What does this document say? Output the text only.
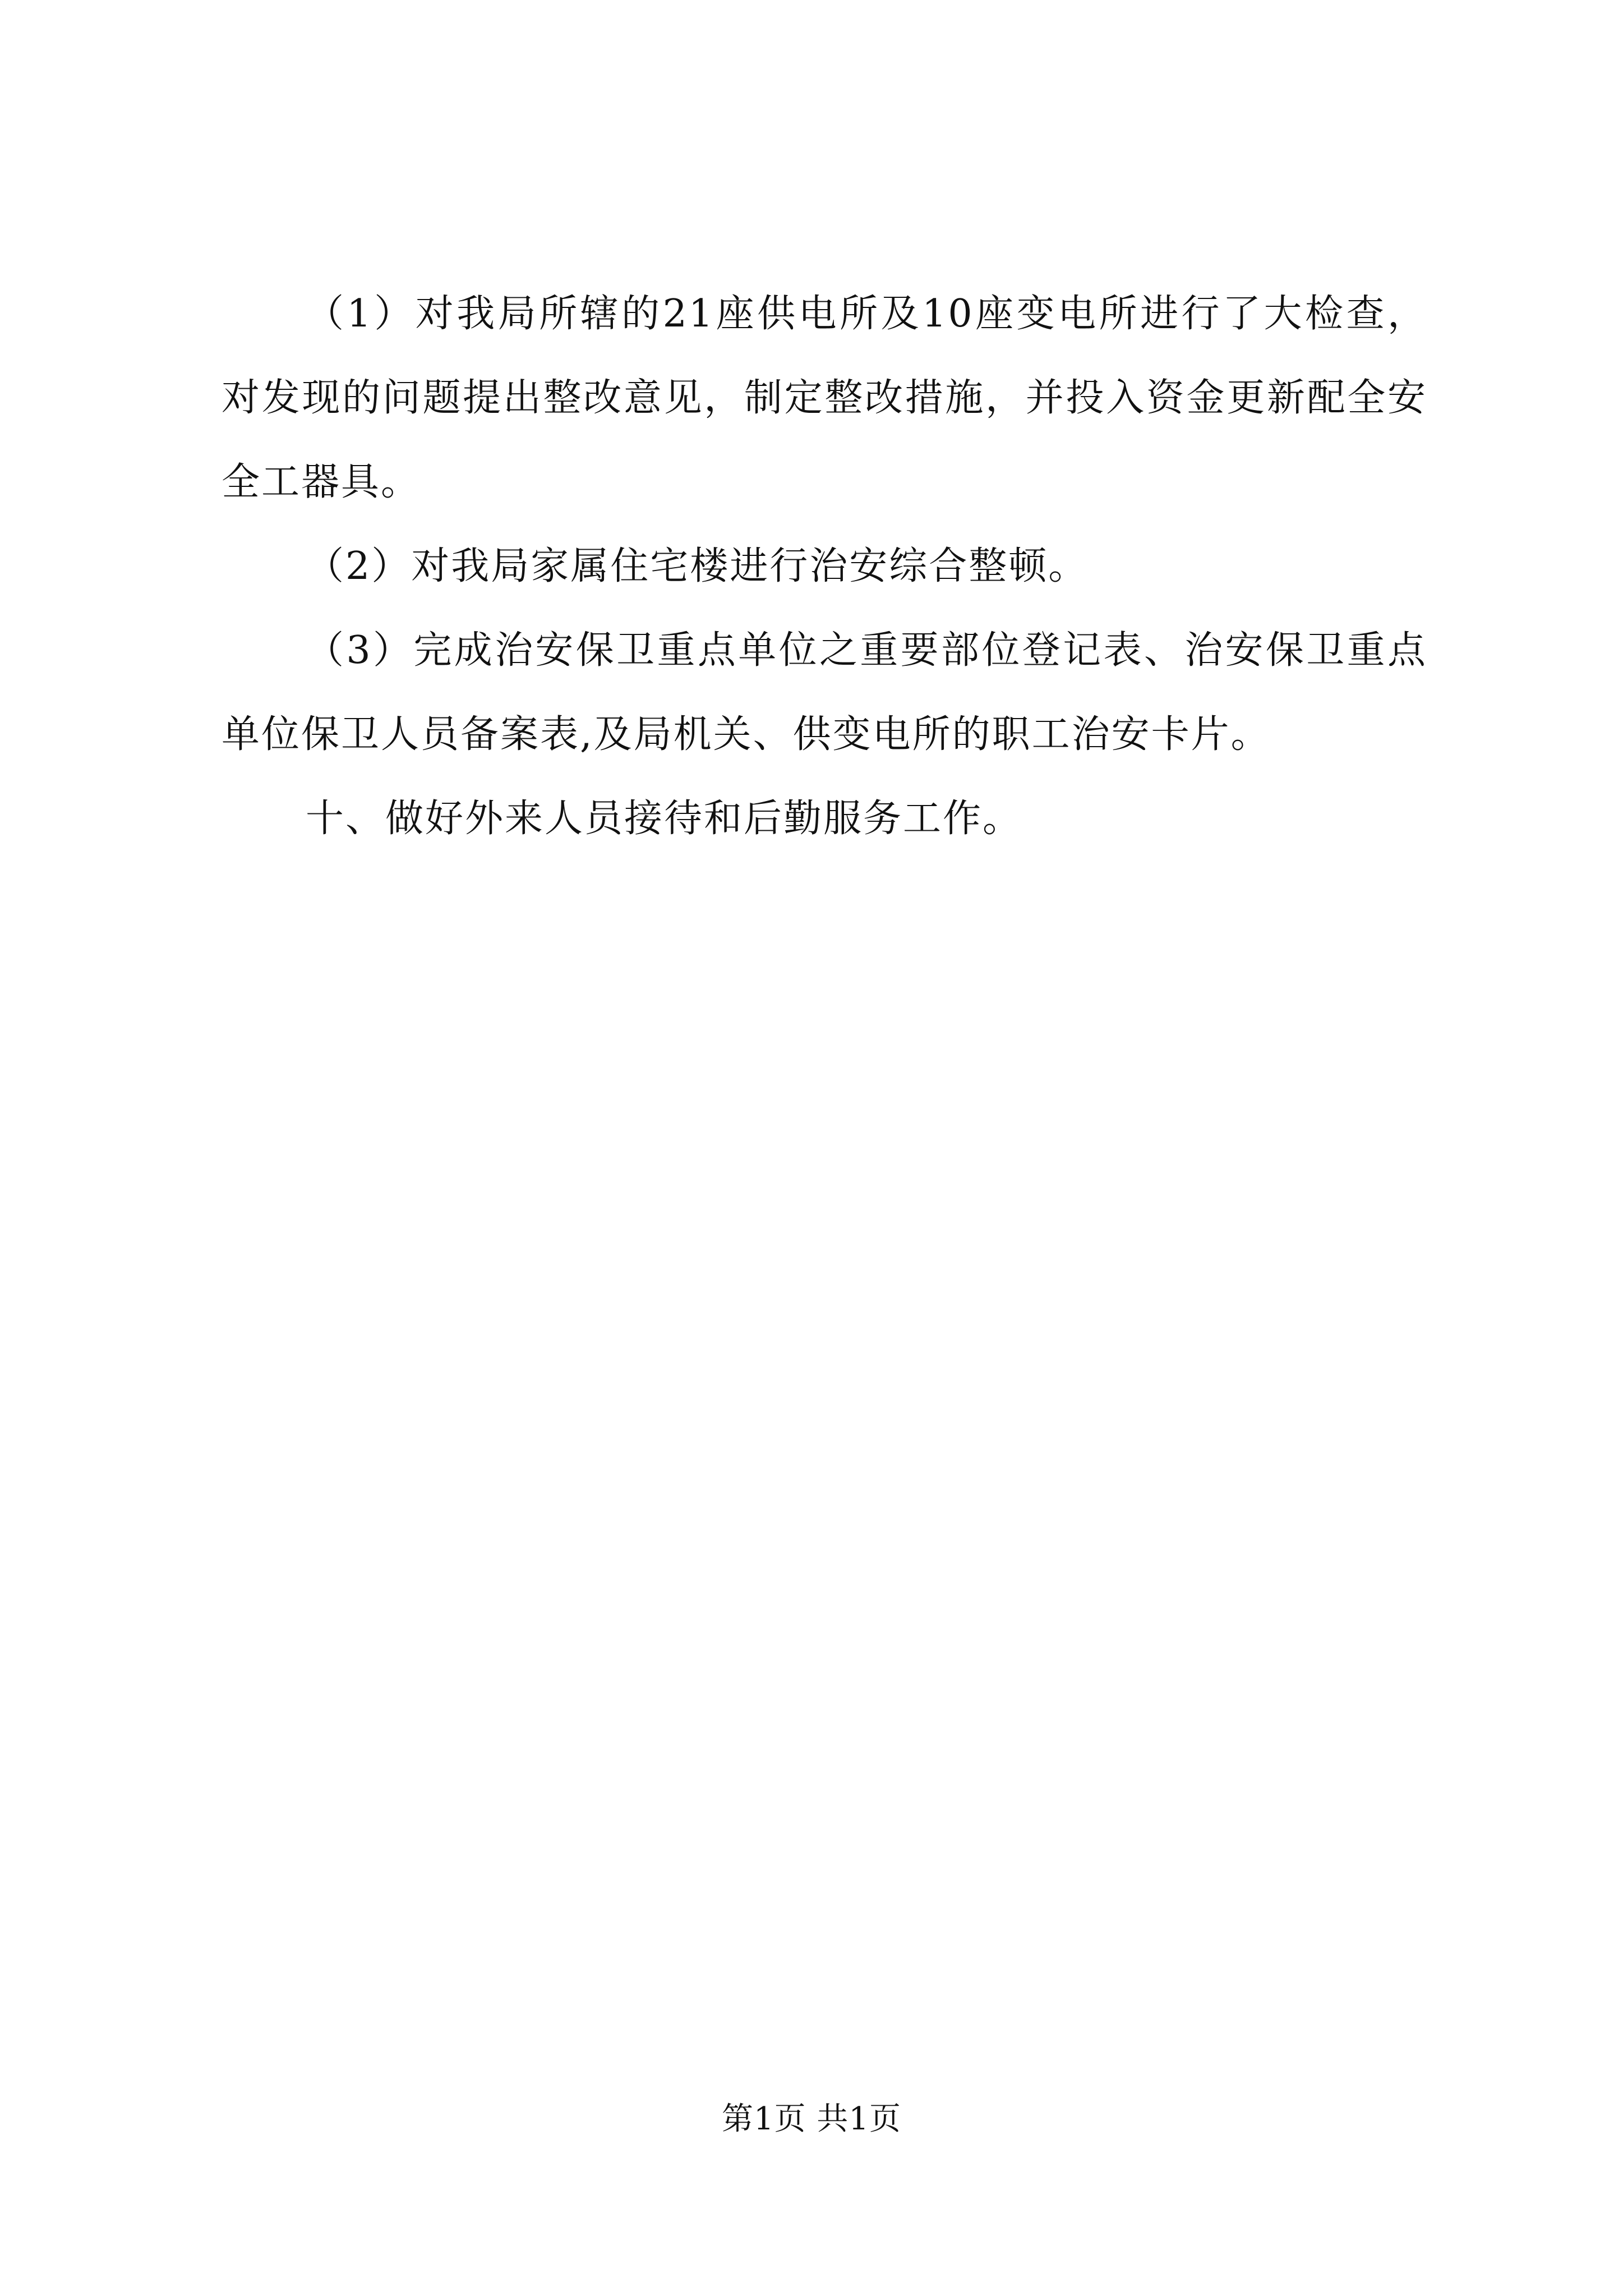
（1）对我局所辖的21座供电所及10座变电所进行了大检查，对发现的问题提出整改意见，制定整改措施，并投入资金更新配全安全工器具。

（2）对我局家属住宅楼进行治安综合整顿。

（3）完成治安保卫重点单位之重要部位登记表、治安保卫重点单位保卫人员备案表,及局机关、供变电所的职工治安卡片。

十、做好外来人员接待和后勤服务工作。

第1页 共1页
